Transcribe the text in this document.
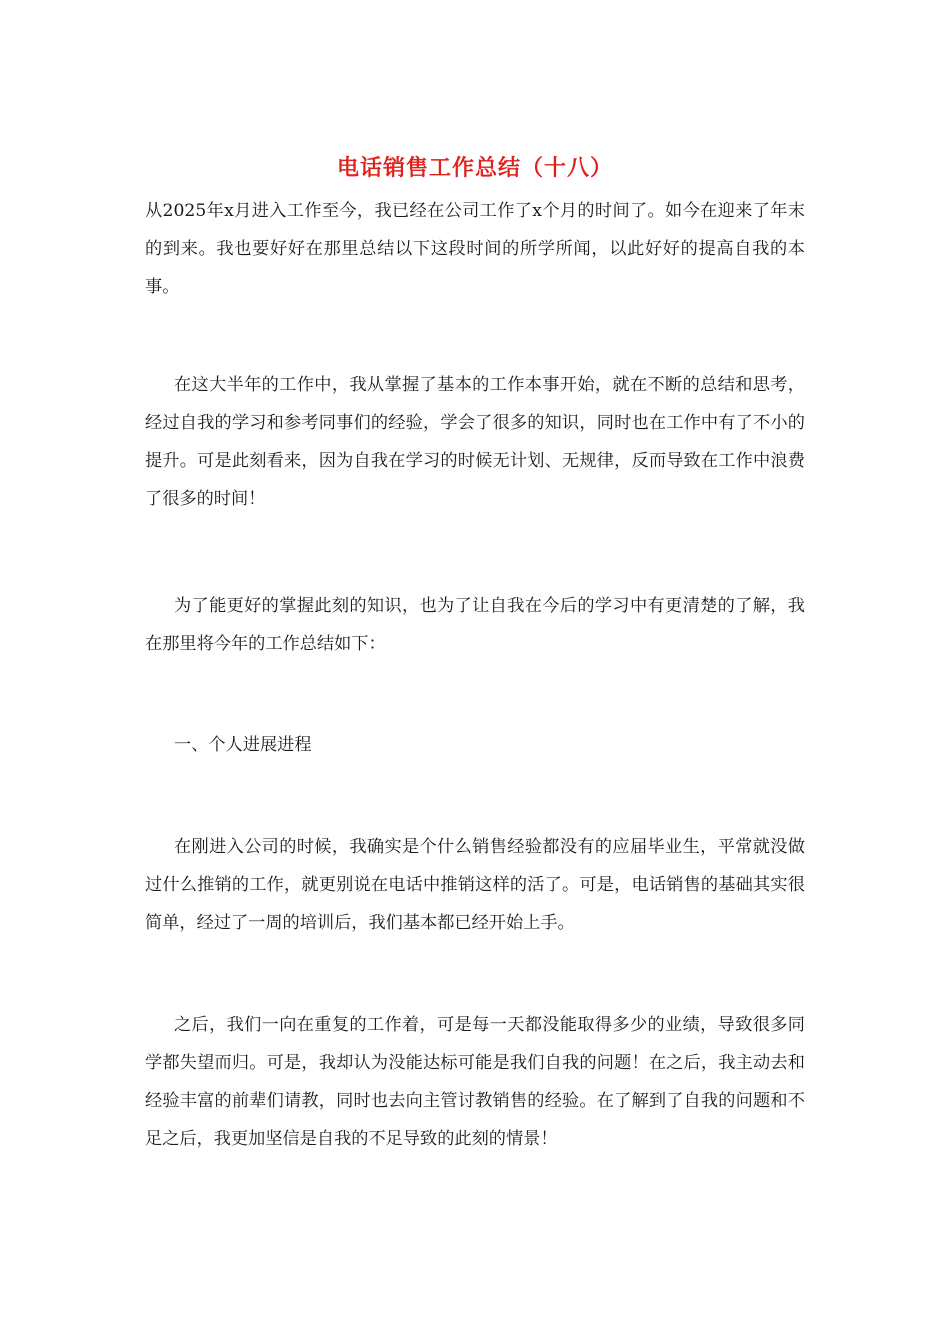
电话销售工作总结（十八）

从2025年x月进入工作至今，我已经在公司工作了x个月的时间了。如今在迎来了年末的到来。我也要好好在那里总结以下这段时间的所学所闻，以此好好的提高自我的本事。

在这大半年的工作中，我从掌握了基本的工作本事开始，就在不断的总结和思考，经过自我的学习和参考同事们的经验，学会了很多的知识，同时也在工作中有了不小的提升。可是此刻看来，因为自我在学习的时候无计划、无规律，反而导致在工作中浪费了很多的时间！

为了能更好的掌握此刻的知识，也为了让自我在今后的学习中有更清楚的了解，我在那里将今年的工作总结如下：

一、个人进展进程

在刚进入公司的时候，我确实是个什么销售经验都没有的应届毕业生，平常就没做过什么推销的工作，就更别说在电话中推销这样的活了。可是，电话销售的基础其实很简单，经过了一周的培训后，我们基本都已经开始上手。

之后，我们一向在重复的工作着，可是每一天都没能取得多少的业绩，导致很多同学都失望而归。可是，我却认为没能达标可能是我们自我的问题！在之后，我主动去和经验丰富的前辈们请教，同时也去向主管讨教销售的经验。在了解到了自我的问题和不足之后，我更加坚信是自我的不足导致的此刻的情景！
